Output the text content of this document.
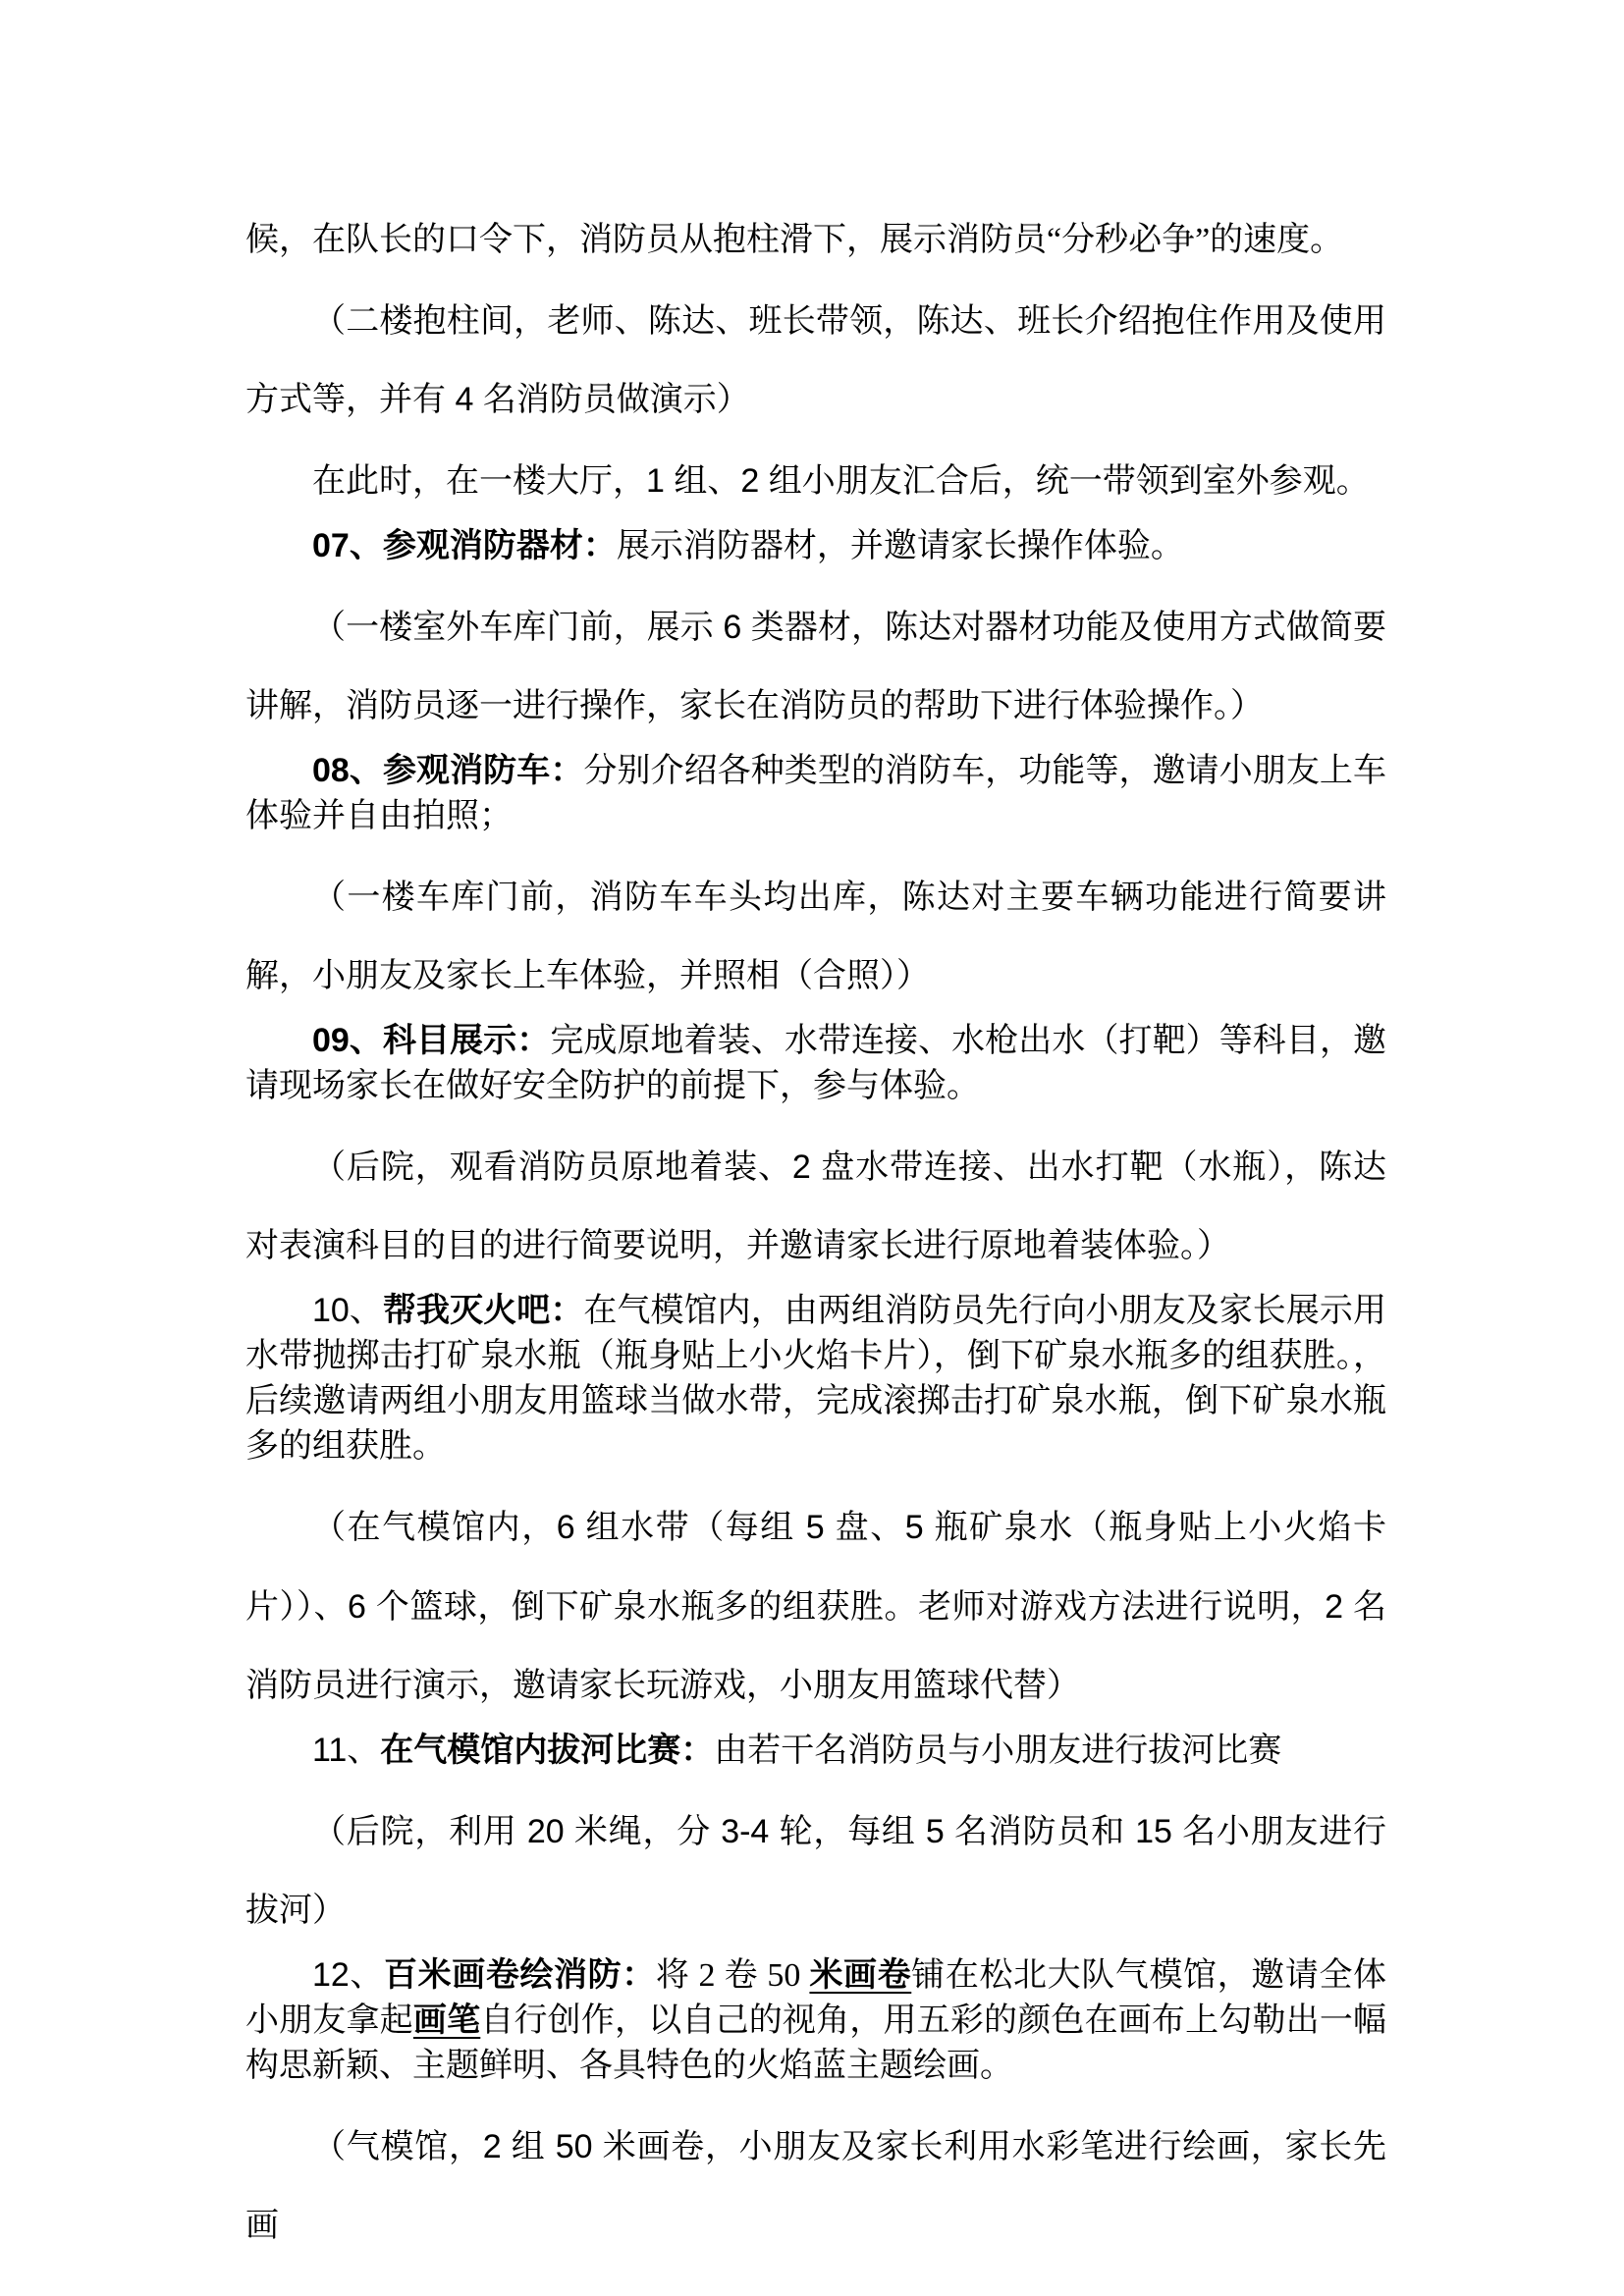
候，在队长的口令下，消防员从抱柱滑下，展示消防员“分秒必争”的速度。

（二楼抱柱间，老师、陈达、班长带领，陈达、班长介绍抱住作用及使用方式等，并有 4 名消防员做演示）

在此时，在一楼大厅，1 组、2 组小朋友汇合后，统一带领到室外参观。

07、参观消防器材：展示消防器材，并邀请家长操作体验。

（一楼室外车库门前，展示 6 类器材，陈达对器材功能及使用方式做简要讲解，消防员逐一进行操作，家长在消防员的帮助下进行体验操作。）

08、参观消防车：分别介绍各种类型的消防车，功能等，邀请小朋友上车体验并自由拍照；

（一楼车库门前，消防车车头均出库，陈达对主要车辆功能进行简要讲解，小朋友及家长上车体验，并照相（合照））

09、科目展示：完成原地着装、水带连接、水枪出水（打靶）等科目，邀请现场家长在做好安全防护的前提下，参与体验。

（后院，观看消防员原地着装、2 盘水带连接、出水打靶（水瓶），陈达对表演科目的目的进行简要说明，并邀请家长进行原地着装体验。）

10、帮我灭火吧：在气模馆内，由两组消防员先行向小朋友及家长展示用水带抛掷击打矿泉水瓶（瓶身贴上小火焰卡片），倒下矿泉水瓶多的组获胜。，后续邀请两组小朋友用篮球当做水带，完成滚掷击打矿泉水瓶，倒下矿泉水瓶多的组获胜。

（在气模馆内，6 组水带（每组 5 盘、5 瓶矿泉水（瓶身贴上小火焰卡片））、6 个篮球，倒下矿泉水瓶多的组获胜。老师对游戏方法进行说明，2 名消防员进行演示，邀请家长玩游戏，小朋友用篮球代替）

11、在气模馆内拔河比赛：由若干名消防员与小朋友进行拔河比赛

（后院，利用 20 米绳，分 3-4 轮，每组 5 名消防员和 15 名小朋友进行拔河）

12、百米画卷绘消防：将 2 卷 50 米画卷铺在松北大队气模馆，邀请全体小朋友拿起画笔自行创作，以自己的视角，用五彩的颜色在画布上勾勒出一幅构思新颖、主题鲜明、各具特色的火焰蓝主题绘画。

（气模馆，2 组 50 米画卷，小朋友及家长利用水彩笔进行绘画，家长先画
